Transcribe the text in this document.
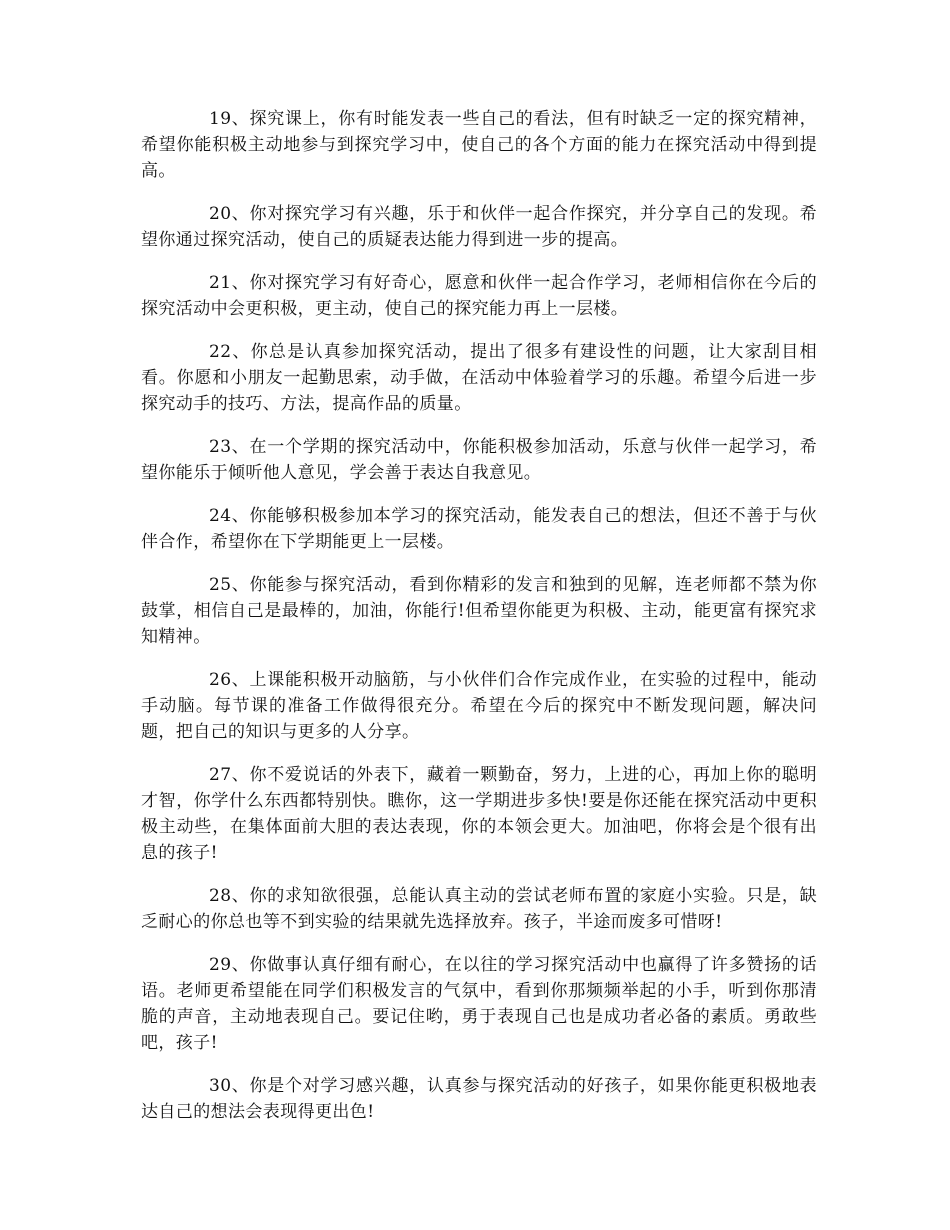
19、探究课上，你有时能发表一些自己的看法，但有时缺乏一定的探究精神，希望你能积极主动地参与到探究学习中，使自己的各个方面的能力在探究活动中得到提高。

20、你对探究学习有兴趣，乐于和伙伴一起合作探究，并分享自己的发现。希望你通过探究活动，使自己的质疑表达能力得到进一步的提高。

21、你对探究学习有好奇心，愿意和伙伴一起合作学习，老师相信你在今后的探究活动中会更积极，更主动，使自己的探究能力再上一层楼。

22、你总是认真参加探究活动，提出了很多有建设性的问题，让大家刮目相看。你愿和小朋友一起勤思索，动手做，在活动中体验着学习的乐趣。希望今后进一步探究动手的技巧、方法，提高作品的质量。

23、在一个学期的探究活动中，你能积极参加活动，乐意与伙伴一起学习，希望你能乐于倾听他人意见，学会善于表达自我意见。

24、你能够积极参加本学习的探究活动，能发表自己的想法，但还不善于与伙伴合作，希望你在下学期能更上一层楼。

25、你能参与探究活动，看到你精彩的发言和独到的见解，连老师都不禁为你鼓掌，相信自己是最棒的，加油，你能行!但希望你能更为积极、主动，能更富有探究求知精神。

26、上课能积极开动脑筋，与小伙伴们合作完成作业，在实验的过程中，能动手动脑。每节课的准备工作做得很充分。希望在今后的探究中不断发现问题，解决问题，把自己的知识与更多的人分享。

27、你不爱说话的外表下，藏着一颗勤奋，努力，上进的心，再加上你的聪明才智，你学什么东西都特别快。瞧你，这一学期进步多快!要是你还能在探究活动中更积极主动些，在集体面前大胆的表达表现，你的本领会更大。加油吧，你将会是个很有出息的孩子!

28、你的求知欲很强，总能认真主动的尝试老师布置的家庭小实验。只是，缺乏耐心的你总也等不到实验的结果就先选择放弃。孩子，半途而废多可惜呀!

29、你做事认真仔细有耐心，在以往的学习探究活动中也赢得了许多赞扬的话语。老师更希望能在同学们积极发言的气氛中，看到你那频频举起的小手，听到你那清脆的声音，主动地表现自己。要记住哟，勇于表现自己也是成功者必备的素质。勇敢些吧，孩子!

30、你是个对学习感兴趣，认真参与探究活动的好孩子，如果你能更积极地表达自己的想法会表现得更出色!
